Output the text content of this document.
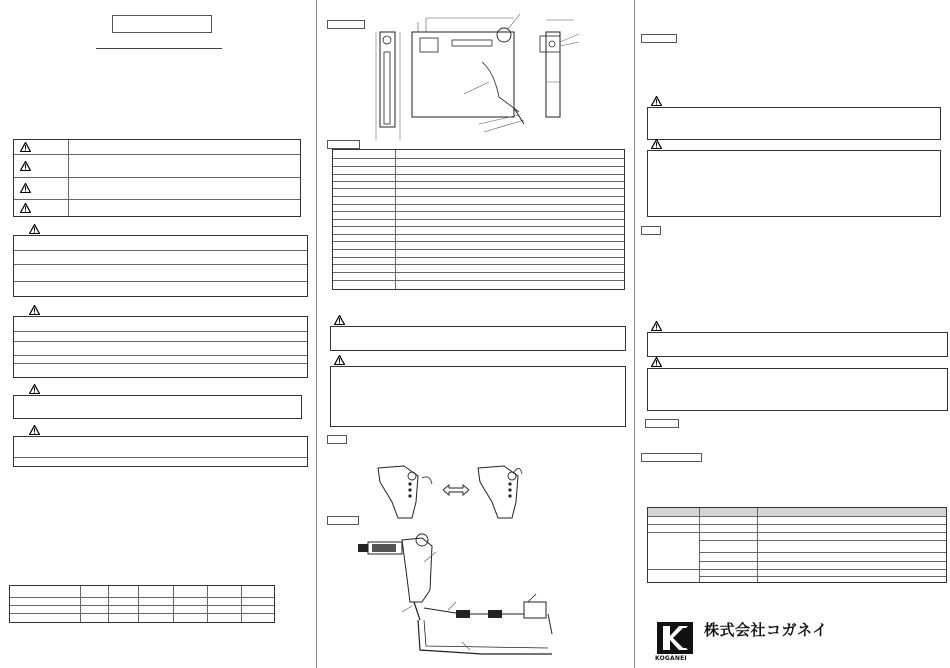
KOGANEI
株式会社コガネイ
